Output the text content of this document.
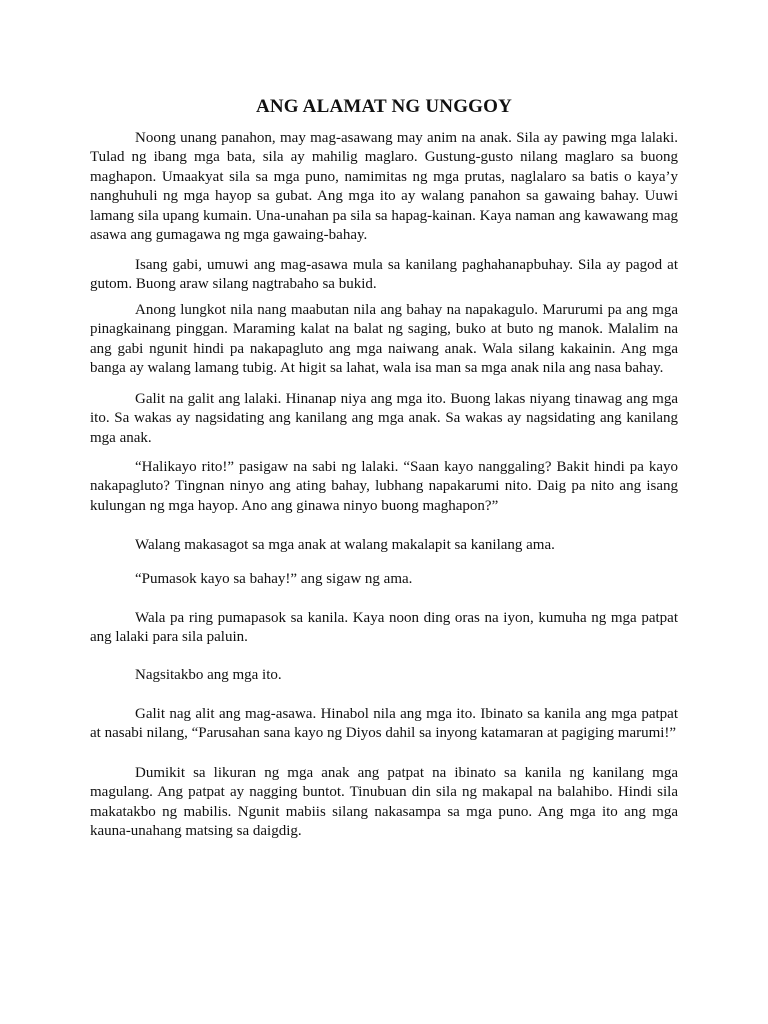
ANG ALAMAT NG UNGGOY

Noong unang panahon, may mag-asawang may anim na anak. Sila ay pawing mga lalaki. Tulad ng ibang mga bata, sila ay mahilig maglaro. Gustung-gusto nilang maglaro sa buong maghapon. Umaakyat sila sa mga puno, namimitas ng mga prutas, naglalaro sa batis o kaya’y nanghuhuli ng mga hayop sa gubat. Ang mga ito ay walang panahon sa gawaing bahay. Uuwi lamang sila upang kumain. Una-unahan pa sila sa hapag-kainan. Kaya naman ang kawawang mag asawa ang gumagawa ng mga gawaing-bahay.

Isang gabi, umuwi ang mag-asawa mula sa kanilang paghahanapbuhay. Sila ay pagod at gutom. Buong araw silang nagtrabaho sa bukid.

Anong lungkot nila nang maabutan nila ang bahay na napakagulo. Marurumi pa ang mga pinagkainang pinggan. Maraming kalat na balat ng saging, buko at buto ng manok. Malalim na ang gabi ngunit hindi pa nakapagluto ang mga naiwang anak. Wala silang kakainin. Ang mga banga ay walang lamang tubig. At higit sa lahat, wala isa man sa mga anak nila ang nasa bahay.

Galit na galit ang lalaki. Hinanap niya ang mga ito. Buong lakas niyang tinawag ang mga ito. Sa wakas ay nagsidating ang kanilang ang mga anak. Sa wakas ay nagsidating ang kanilang mga anak.

“Halikayo rito!” pasigaw na sabi ng lalaki. “Saan kayo nanggaling? Bakit hindi pa kayo nakapagluto? Tingnan ninyo ang ating bahay, lubhang napakarumi nito. Daig pa nito ang isang kulungan ng mga hayop. Ano ang ginawa ninyo buong maghapon?”

Walang makasagot sa mga anak at walang makalapit sa kanilang ama.

“Pumasok kayo sa bahay!” ang sigaw ng ama.

Wala pa ring pumapasok sa kanila. Kaya noon ding oras na iyon, kumuha ng mga patpat ang lalaki para sila paluin.

Nagsitakbo ang mga ito.

Galit nag alit ang mag-asawa. Hinabol nila ang mga ito. Ibinato sa kanila ang mga patpat at nasabi nilang, “Parusahan sana kayo ng Diyos dahil sa inyong katamaran at pagiging marumi!”

Dumikit sa likuran ng mga anak ang patpat na ibinato sa kanila ng kanilang mga magulang. Ang patpat ay nagging buntot. Tinubuan din sila ng makapal na balahibo. Hindi sila makatakbo ng mabilis. Ngunit mabiis silang nakasampa sa mga puno. Ang mga ito ang mga kauna-unahang matsing sa daigdig.
